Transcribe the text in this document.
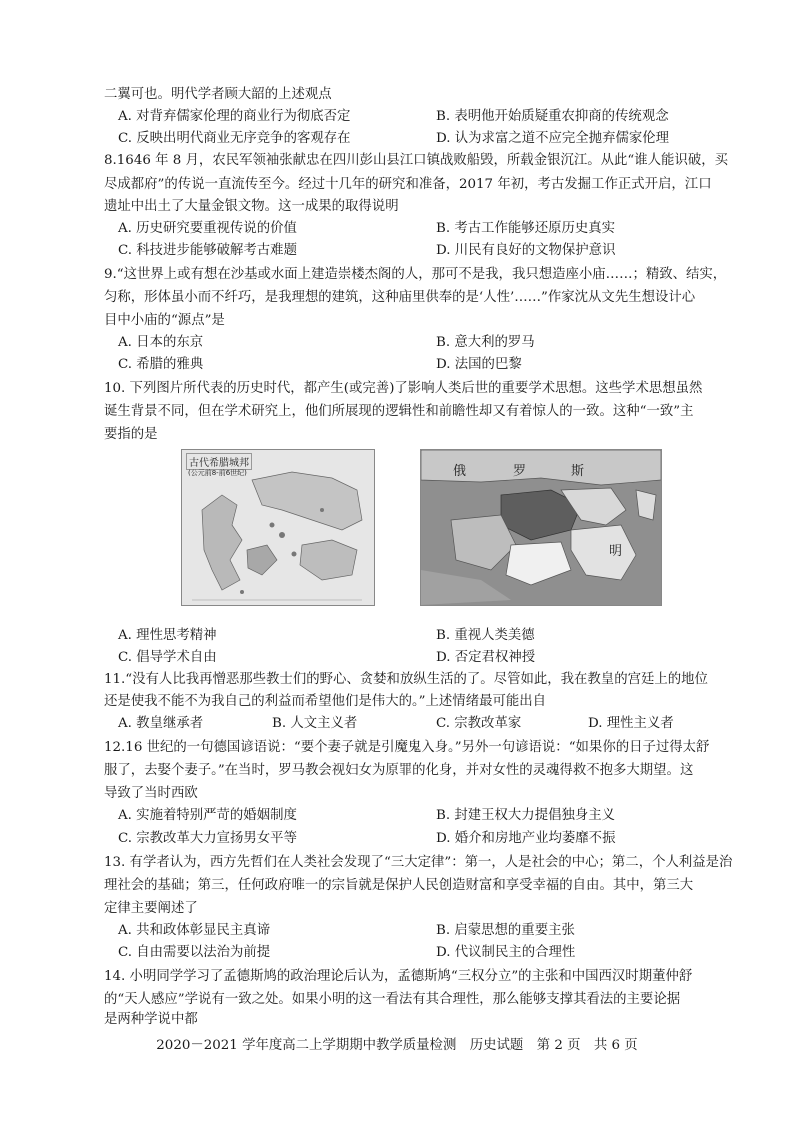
二翼可也。明代学者顾大韶的上述观点
A. 对背弃儒家伦理的商业行为彻底否定	B. 表明他开始质疑重农抑商的传统观念
C. 反映出明代商业无序竞争的客观存在	D. 认为求富之道不应完全抛弃儒家伦理
8.1646 年 8 月，农民军领袖张献忠在四川彭山县江口镇战败船毁，所载金银沉江。从此“谁人能识破，买
尽成都府”的传说一直流传至今。经过十几年的研究和准备，2017 年初，考古发掘工作正式开启，江口
遗址中出土了大量金银文物。这一成果的取得说明
A. 历史研究要重视传说的价值	B. 考古工作能够还原历史真实
C. 科技进步能够破解考古难题	D. 川民有良好的文物保护意识
9.“这世界上或有想在沙基或水面上建造崇楼杰阁的人，那可不是我，我只想造座小庙……；精致、结实，
匀称，形体虽小而不纤巧，是我理想的建筑，这种庙里供奉的是‘人性’……”作家沈从文先生想设计心
目中小庙的“源点”是
A. 日本的东京	B. 意大利的罗马
C. 希腊的雅典	D. 法国的巴黎
10. 下列图片所代表的历史时代，都产生(或完善)了影响人类后世的重要学术思想。这些学术思想虽然
诞生背景不同，但在学术研究上，他们所展现的逻辑性和前瞻性却又有着惊人的一致。这种“一致”主
要指的是
古代希腊城邦
(公元前8-前6世纪)	俄	罗	斯
明
A. 理性思考精神	B. 重视人类美德
C. 倡导学术自由	D. 否定君权神授
11.“没有人比我再憎恶那些教士们的野心、贪婪和放纵生活的了。尽管如此，我在教皇的宫廷上的地位
还是使我不能不为我自己的利益而希望他们是伟大的。”上述情绪最可能出自
A. 教皇继承者	B. 人文主义者	C. 宗教改革家	D. 理性主义者
12.16 世纪的一句德国谚语说：“要个妻子就是引魔鬼入身。”另外一句谚语说：“如果你的日子过得太舒
服了，去娶个妻子。”在当时，罗马教会视妇女为原罪的化身，并对女性的灵魂得救不抱多大期望。这
导致了当时西欧
A. 实施着特别严苛的婚姻制度	B. 封建王权大力提倡独身主义
C. 宗教改革大力宣扬男女平等	D. 婚介和房地产业均萎靡不振
13. 有学者认为，西方先哲们在人类社会发现了“三大定律”：第一，人是社会的中心；第二，个人利益是治
理社会的基础；第三，任何政府唯一的宗旨就是保护人民创造财富和享受幸福的自由。其中，第三大
定律主要阐述了
A. 共和政体彰显民主真谛	B. 启蒙思想的重要主张
C. 自由需要以法治为前提	D. 代议制民主的合理性
14. 小明同学学习了孟德斯鸠的政治理论后认为，孟德斯鸠“三权分立”的主张和中国西汉时期董仲舒
的“天人感应”学说有一致之处。如果小明的这一看法有其合理性，那么能够支撑其看法的主要论据
是两种学说中都
2020－2021 学年度高二上学期期中教学质量检测　历史试题　第 2 页　共 6 页
